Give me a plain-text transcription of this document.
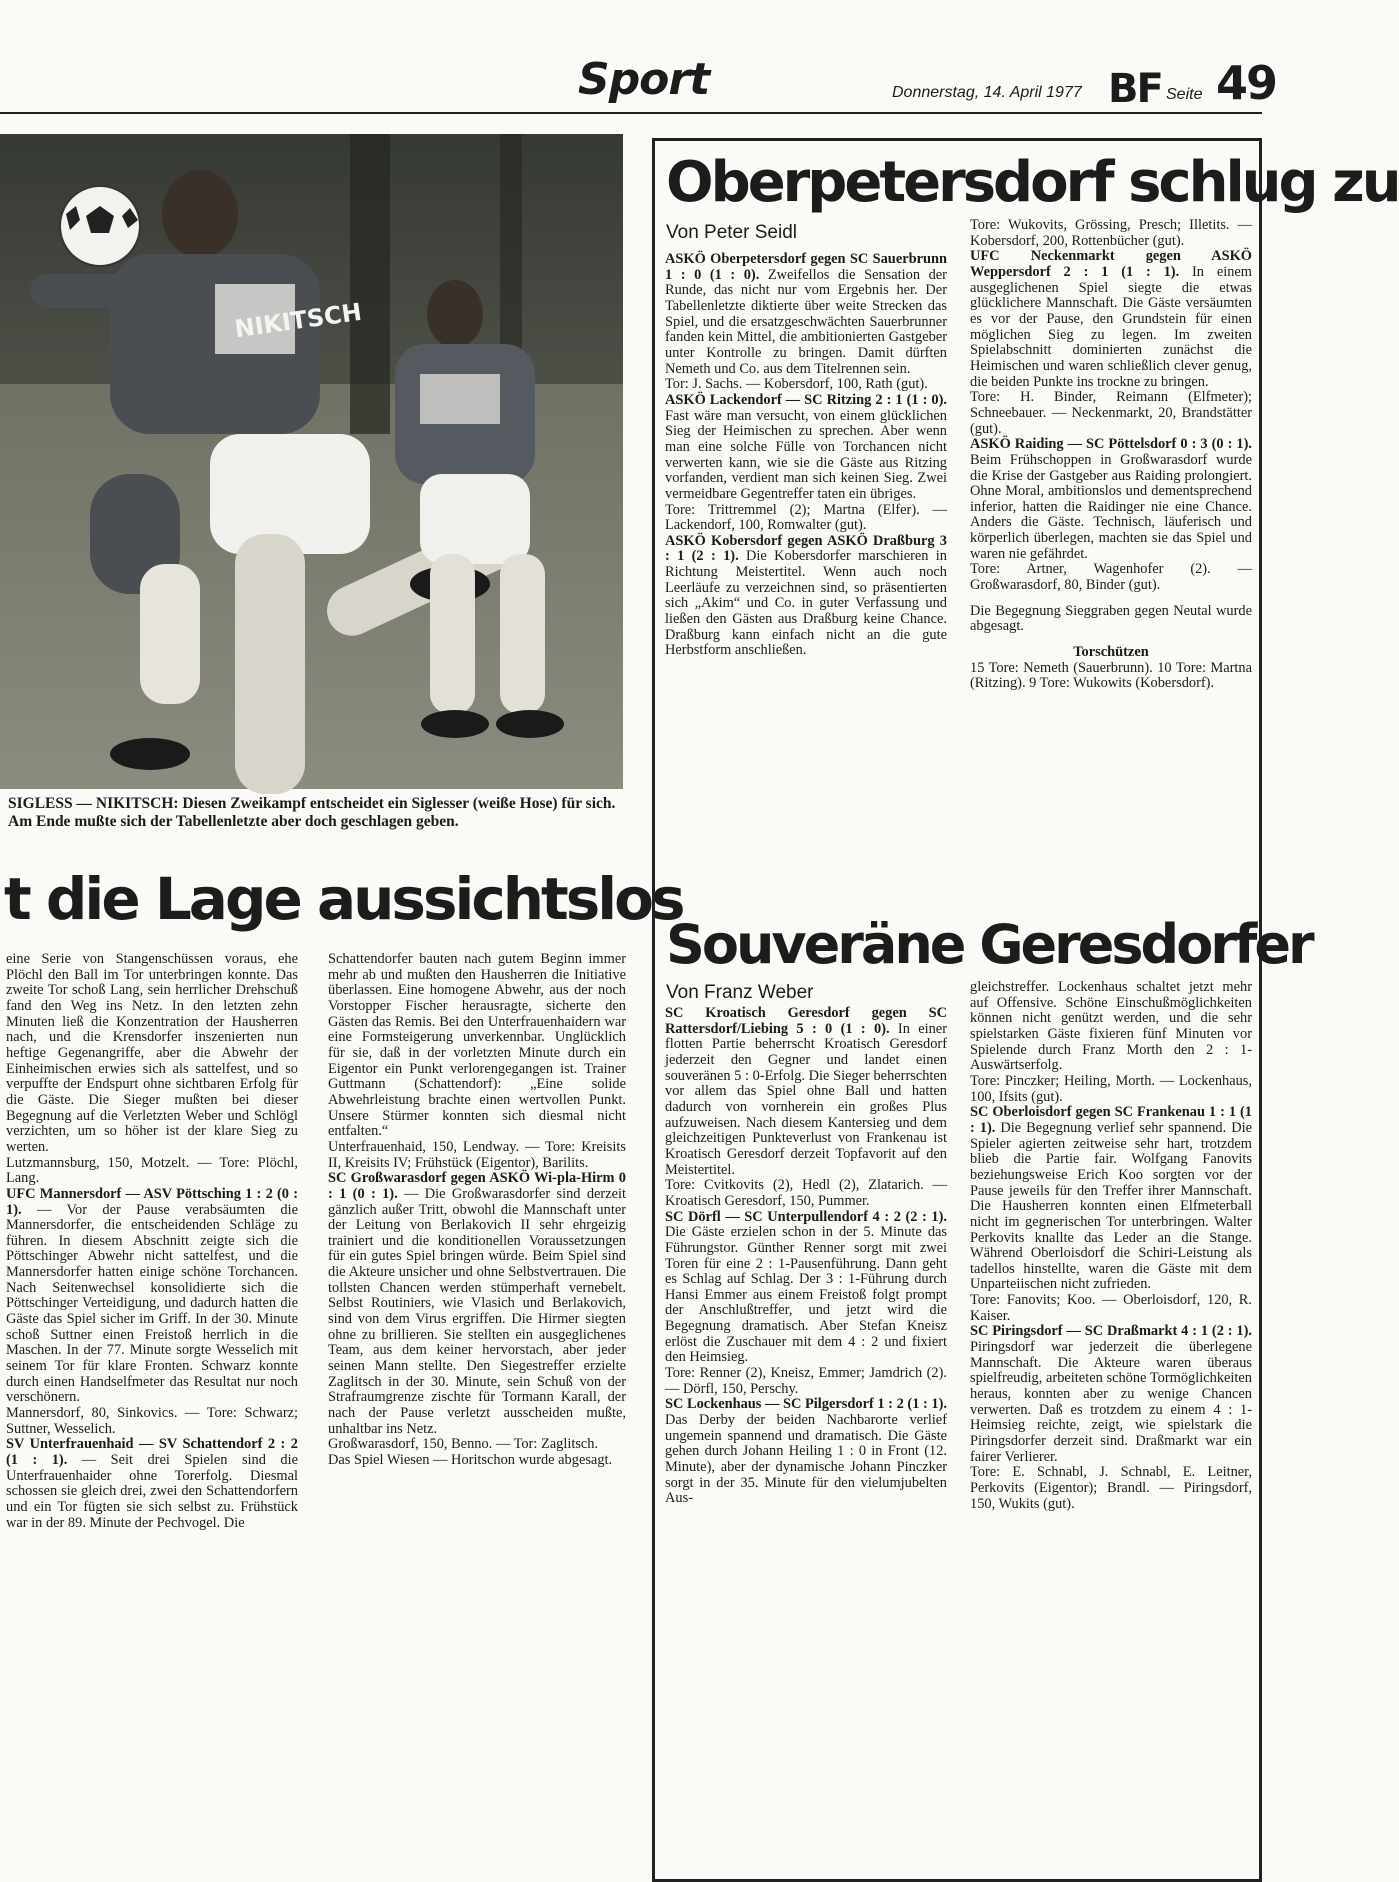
Sport	Donnerstag, 14. April 1977 BF Seite 49
NIKITSCH
SIGLESS — NIKITSCH: Diesen Zweikampf entscheidet ein Siglesser (weiße Hose) für sich. Am Ende mußte sich der Tabellenletzte aber doch geschlagen geben.
t die Lage aussichtslos

eine Serie von Stangenschüssen voraus, ehe Plöchl den Ball im Tor unterbringen konnte. Das zweite Tor schoß Lang, sein herrlicher Drehschuß fand den Weg ins Netz. In den letzten zehn Minuten ließ die Konzentration der Hausherren nach, und die Krensdorfer inszenierten nun heftige Gegenangriffe, aber die Abwehr der Einheimischen erwies sich als sattelfest, und so verpuffte der Endspurt ohne sichtbaren Erfolg für die Gäste. Die Sieger mußten bei dieser Begegnung auf die Verletzten Weber und Schlögl verzichten, um so höher ist der klare Sieg zu werten.

Lutzmannsburg, 150, Motzelt. — Tore: Plöchl, Lang.

UFC Mannersdorf — ASV Pöttsching 1 : 2 (0 : 1). — Vor der Pause verabsäumten die Mannersdorfer, die entscheidenden Schläge zu führen. In diesem Abschnitt zeigte sich die Pöttschinger Abwehr nicht sattelfest, und die Mannersdorfer hatten einige schöne Torchancen. Nach Seitenwechsel konsolidierte sich die Pöttschinger Verteidigung, und dadurch hatten die Gäste das Spiel sicher im Griff. In der 30. Minute schoß Suttner einen Freistoß herrlich in die Maschen. In der 77. Minute sorgte Wesselich mit seinem Tor für klare Fronten. Schwarz konnte durch einen Handselfmeter das Resultat nur noch verschönern.

Mannersdorf, 80, Sinkovics. — Tore: Schwarz; Suttner, Wesselich.

SV Unterfrauenhaid — SV Schattendorf 2 : 2 (1 : 1). — Seit drei Spielen sind die Unterfrauenhaider ohne Torerfolg. Diesmal schossen sie gleich drei, zwei den Schattendorfern und ein Tor fügten sie sich selbst zu. Frühstück war in der 89. Minute der Pechvogel. Die

Schattendorfer bauten nach gutem Beginn immer mehr ab und mußten den Hausherren die Initiative überlassen. Eine homogene Abwehr, aus der noch Vorstopper Fischer herausragte, sicherte den Gästen das Remis. Bei den Unterfrauenhaidern war eine Formsteigerung unverkennbar. Unglücklich für sie, daß in der vorletzten Minute durch ein Eigentor ein Punkt verlorengegangen ist. Trainer Guttmann (Schattendorf): „Eine solide Abwehrleistung brachte einen wertvollen Punkt. Unsere Stürmer konnten sich diesmal nicht entfalten.“

Unterfrauenhaid, 150, Lendway. — Tore: Kreisits II, Kreisits IV; Frühstück (Eigentor), Barilits.

SC Großwarasdorf gegen ASKÖ Wi-pla-Hirm 0 : 1 (0 : 1). — Die Großwarasdorfer sind derzeit gänzlich außer Tritt, obwohl die Mannschaft unter der Leitung von Berlakovich II sehr ehrgeizig trainiert und die konditionellen Voraussetzungen für ein gutes Spiel bringen würde. Beim Spiel sind die Akteure unsicher und ohne Selbstvertrauen. Die tollsten Chancen werden stümperhaft vernebelt. Selbst Routiniers, wie Vlasich und Berlakovich, sind von dem Virus ergriffen. Die Hirmer siegten ohne zu brillieren. Sie stellten ein ausgeglichenes Team, aus dem keiner hervorstach, aber jeder seinen Mann stellte. Den Siegestreffer erzielte Zaglitsch in der 30. Minute, sein Schuß von der Strafraumgrenze zischte für Tormann Karall, der nach der Pause verletzt ausscheiden mußte, unhaltbar ins Netz.

Großwarasdorf, 150, Benno. — Tor: Zaglitsch.

Das Spiel Wiesen — Horitschon wurde abgesagt.

Oberpetersdorf schlug zu
Von Peter Seidl

ASKÖ Oberpetersdorf gegen SC Sauerbrunn 1 : 0 (1 : 0). Zweifellos die Sensation der Runde, das nicht nur vom Ergebnis her. Der Tabellenletzte diktierte über weite Strecken das Spiel, und die ersatzgeschwächten Sauerbrunner fanden kein Mittel, die ambitionierten Gastgeber unter Kontrolle zu bringen. Damit dürften Nemeth und Co. aus dem Titelrennen sein.

Tor: J. Sachs. — Kobersdorf, 100, Rath (gut).

ASKÖ Lackendorf — SC Ritzing 2 : 1 (1 : 0). Fast wäre man versucht, von einem glücklichen Sieg der Heimischen zu sprechen. Aber wenn man eine solche Fülle von Torchancen nicht verwerten kann, wie sie die Gäste aus Ritzing vorfanden, verdient man sich keinen Sieg. Zwei vermeidbare Gegentreffer taten ein übriges.

Tore: Trittremmel (2); Martna (Elfer). — Lackendorf, 100, Romwalter (gut).

ASKÖ Kobersdorf gegen ASKÖ Draßburg 3 : 1 (2 : 1). Die Kobersdorfer marschieren in Richtung Meistertitel. Wenn auch noch Leerläufe zu verzeichnen sind, so präsentierten sich „Akim“ und Co. in guter Verfassung und ließen den Gästen aus Draßburg keine Chance. Draßburg kann einfach nicht an die gute Herbstform anschließen.

Tore: Wukovits, Grössing, Presch; Illetits. — Kobersdorf, 200, Rottenbücher (gut).

UFC Neckenmarkt gegen ASKÖ Weppersdorf 2 : 1 (1 : 1). In einem ausgeglichenen Spiel siegte die etwas glücklichere Mannschaft. Die Gäste versäumten es vor der Pause, den Grundstein für einen möglichen Sieg zu legen. Im zweiten Spielabschnitt dominierten zunächst die Heimischen und waren schließlich clever genug, die beiden Punkte ins trockne zu bringen.

Tore: H. Binder, Reimann (Elfmeter); Schneebauer. — Neckenmarkt, 20, Brandstätter (gut).

ASKÖ Raiding — SC Pöttelsdorf 0 : 3 (0 : 1). Beim Frühschoppen in Großwarasdorf wurde die Krise der Gastgeber aus Raiding prolongiert. Ohne Moral, ambitionslos und dementsprechend inferior, hatten die Raidinger nie eine Chance. Anders die Gäste. Technisch, läuferisch und körperlich überlegen, machten sie das Spiel und waren nie gefährdet.

Tore: Artner, Wagenhofer (2). — Großwarasdorf, 80, Binder (gut).

Die Begegnung Sieggraben gegen Neutal wurde abgesagt.

Torschützen

15 Tore: Nemeth (Sauerbrunn). 10 Tore: Martna (Ritzing). 9 Tore: Wukowits (Kobersdorf).

Souveräne Geresdorfer
Von Franz Weber

SC Kroatisch Geresdorf gegen SC Rattersdorf/Liebing 5 : 0 (1 : 0). In einer flotten Partie beherrscht Kroatisch Geresdorf jederzeit den Gegner und landet einen souveränen 5 : 0-Erfolg. Die Sieger beherrschten vor allem das Spiel ohne Ball und hatten dadurch von vornherein ein großes Plus aufzuweisen. Nach diesem Kantersieg und dem gleichzeitigen Punkteverlust von Frankenau ist Kroatisch Geresdorf derzeit Topfavorit auf den Meistertitel.

Tore: Cvitkovits (2), Hedl (2), Zlatarich. — Kroatisch Geresdorf, 150, Pummer.

SC Dörfl — SC Unterpullendorf 4 : 2 (2 : 1). Die Gäste erzielen schon in der 5. Minute das Führungstor. Günther Renner sorgt mit zwei Toren für eine 2 : 1-Pausenführung. Dann geht es Schlag auf Schlag. Der 3 : 1-Führung durch Hansi Emmer aus einem Freistoß folgt prompt der Anschlußtreffer, und jetzt wird die Begegnung dramatisch. Aber Stefan Kneisz erlöst die Zuschauer mit dem 4 : 2 und fixiert den Heimsieg.

Tore: Renner (2), Kneisz, Emmer; Jamdrich (2). — Dörfl, 150, Perschy.

SC Lockenhaus — SC Pilgersdorf 1 : 2 (1 : 1). Das Derby der beiden Nachbarorte verlief ungemein spannend und dramatisch. Die Gäste gehen durch Johann Heiling 1 : 0 in Front (12. Minute), aber der dynamische Johann Pinczker sorgt in der 35. Minute für den vielumjubelten Aus-

gleichstreffer. Lockenhaus schaltet jetzt mehr auf Offensive. Schöne Einschußmöglichkeiten können nicht genützt werden, und die sehr spielstarken Gäste fixieren fünf Minuten vor Spielende durch Franz Morth den 2 : 1-Auswärtserfolg.

Tore: Pinczker; Heiling, Morth. — Lockenhaus, 100, Ifsits (gut).

SC Oberloisdorf gegen SC Frankenau 1 : 1 (1 : 1). Die Begegnung verlief sehr spannend. Die Spieler agierten zeitweise sehr hart, trotzdem blieb die Partie fair. Wolfgang Fanovits beziehungsweise Erich Koo sorgten vor der Pause jeweils für den Treffer ihrer Mannschaft. Die Hausherren konnten einen Elfmeterball nicht im gegnerischen Tor unterbringen. Walter Perkovits knallte das Leder an die Stange. Während Oberloisdorf die Schiri-Leistung als tadellos hinstellte, waren die Gäste mit dem Unparteiischen nicht zufrieden.

Tore: Fanovits; Koo. — Oberloisdorf, 120, R. Kaiser.

SC Piringsdorf — SC Draßmarkt 4 : 1 (2 : 1). Piringsdorf war jederzeit die überlegene Mannschaft. Die Akteure waren überaus spielfreudig, arbeiteten schöne Tormöglichkeiten heraus, konnten aber zu wenige Chancen verwerten. Daß es trotzdem zu einem 4 : 1-Heimsieg reichte, zeigt, wie spielstark die Piringsdorfer derzeit sind. Draßmarkt war ein fairer Verlierer.

Tore: E. Schnabl, J. Schnabl, E. Leitner, Perkovits (Eigentor); Brandl. — Piringsdorf, 150, Wukits (gut).
